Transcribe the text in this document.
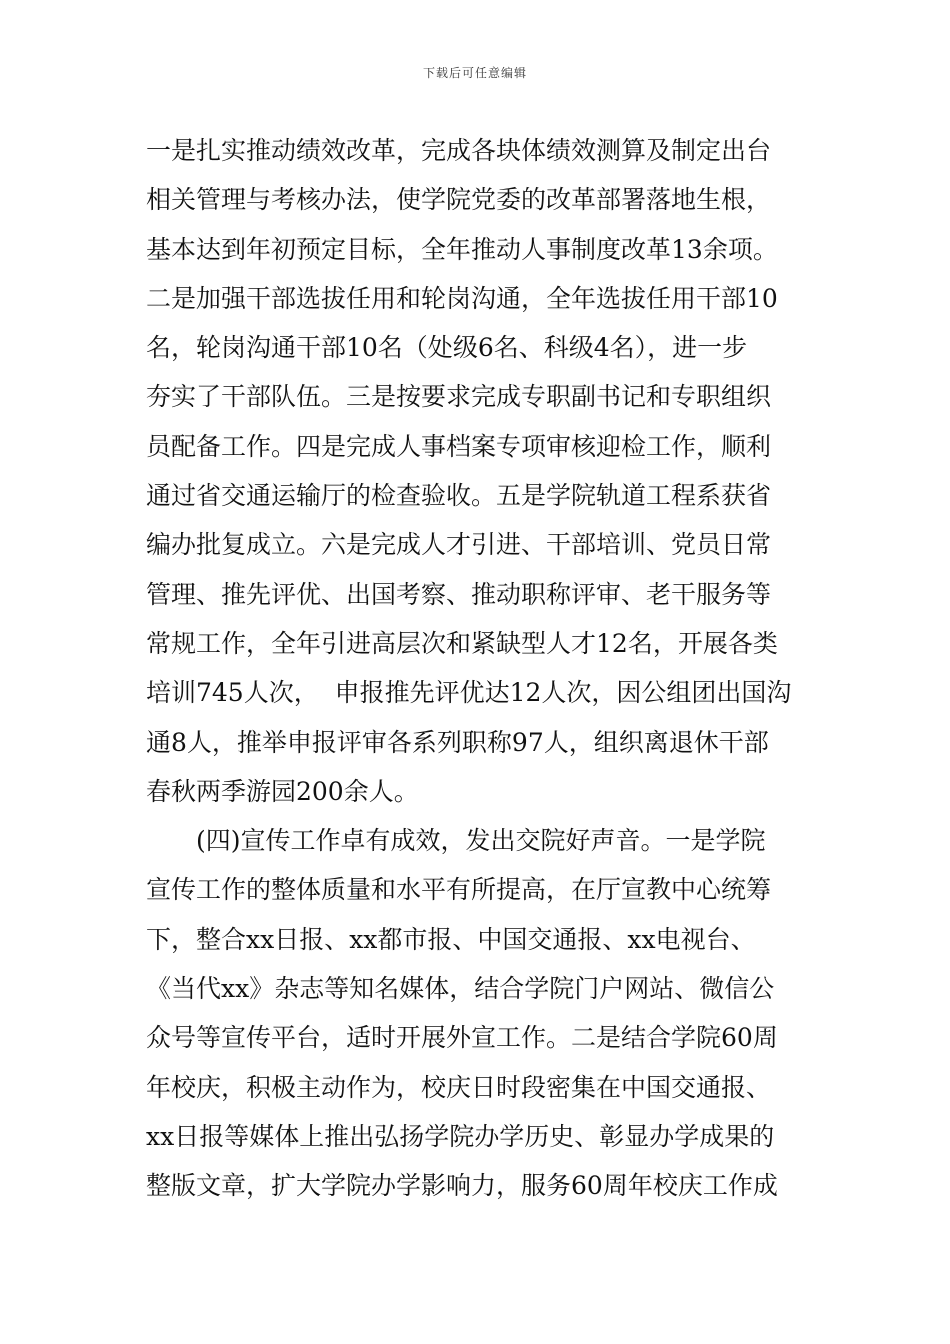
下载后可任意编辑
一是扎实推动绩效改革，完成各块体绩效测算及制定出台
相关管理与考核办法，使学院党委的改革部署落地生根，
基本达到年初预定目标，全年推动人事制度改革13余项。
二是加强干部选拔任用和轮岗沟通，全年选拔任用干部10
名，轮岗沟通干部10名（处级6名、科级4名），进一步
夯实了干部队伍。三是按要求完成专职副书记和专职组织
员配备工作。四是完成人事档案专项审核迎检工作，顺利
通过省交通运输厅的检查验收。五是学院轨道工程系获省
编办批复成立。六是完成人才引进、干部培训、党员日常
管理、推先评优、出国考察、推动职称评审、老干服务等
常规工作，全年引进高层次和紧缺型人才12名，开展各类
培训745人次，  申报推先评优达12人次，因公组团出国沟
通8人，推举申报评审各系列职称97人，组织离退休干部
春秋两季游园200余人。
(四)宣传工作卓有成效，发出交院好声音。一是学院
宣传工作的整体质量和水平有所提高，在厅宣教中心统筹
下，整合xx日报、xx都市报、中国交通报、xx电视台、
《当代xx》杂志等知名媒体，结合学院门户网站、微信公
众号等宣传平台，适时开展外宣工作。二是结合学院60周
年校庆，积极主动作为，校庆日时段密集在中国交通报、
xx日报等媒体上推出弘扬学院办学历史、彰显办学成果的
整版文章，扩大学院办学影响力，服务60周年校庆工作成
